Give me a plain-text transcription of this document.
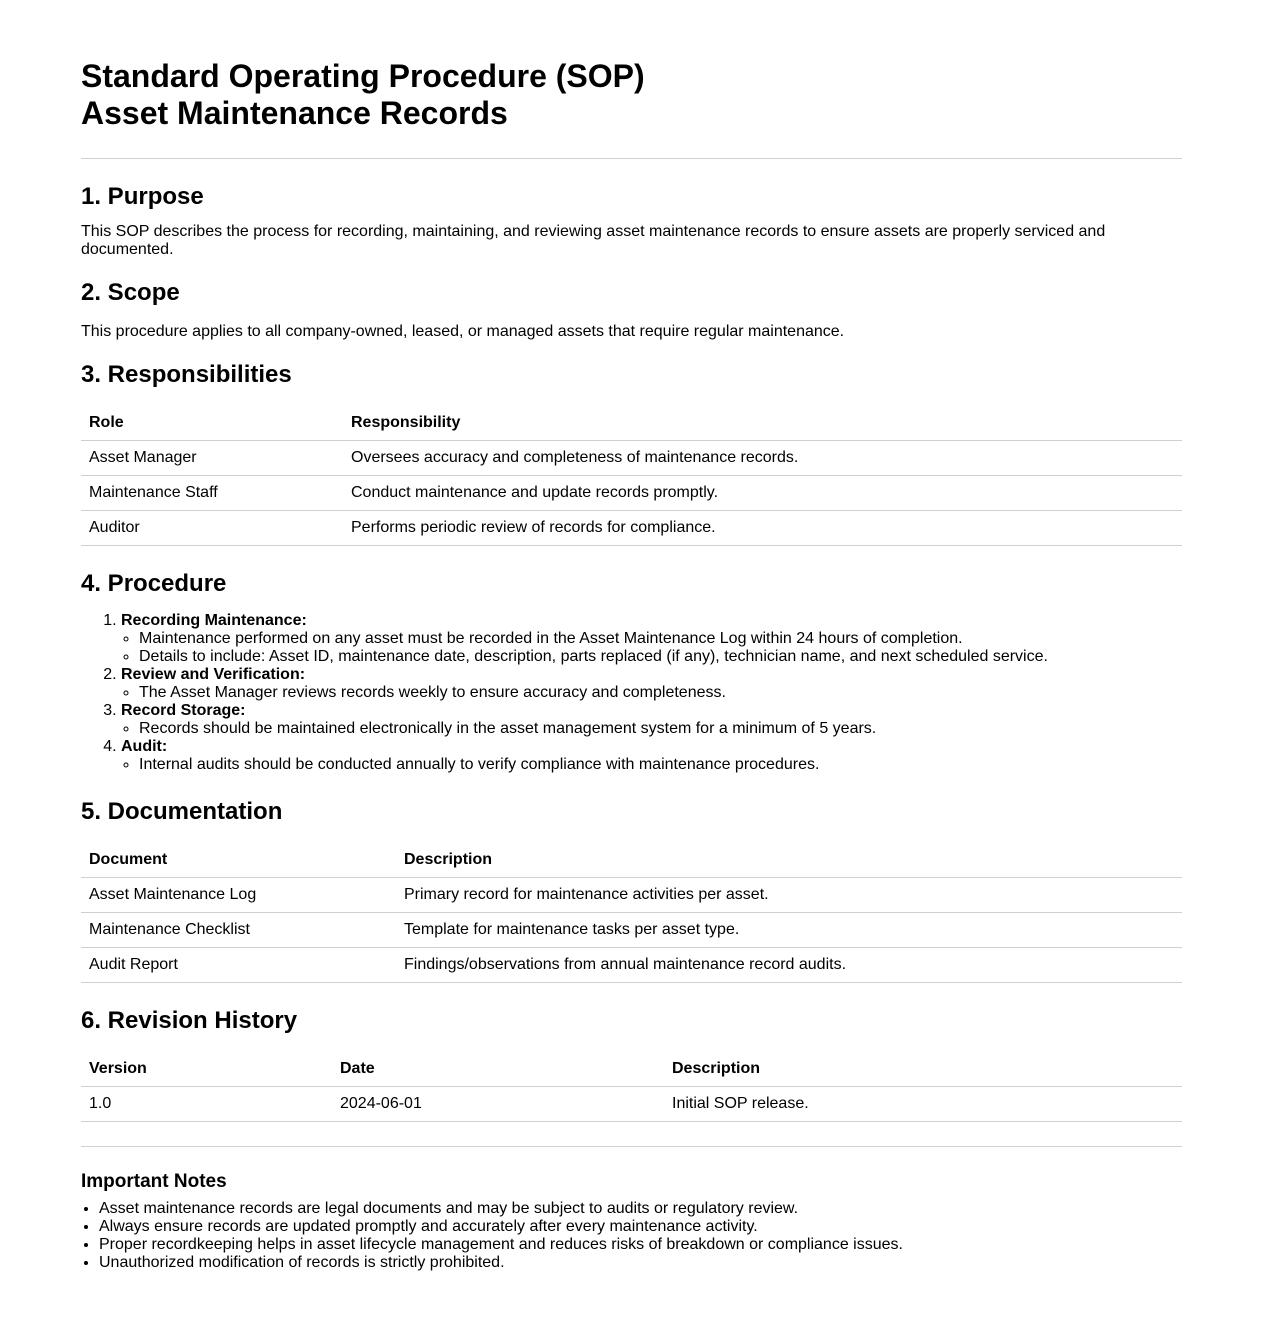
Standard Operating Procedure (SOP)
Asset Maintenance Records
1. Purpose

This SOP describes the process for recording, maintaining, and reviewing asset maintenance records to ensure assets are properly serviced and documented.

2. Scope

This procedure applies to all company-owned, leased, or managed assets that require regular maintenance.

3. Responsibilities
Role	Responsibility
Asset Manager	Oversees accuracy and completeness of maintenance records.
Maintenance Staff	Conduct maintenance and update records promptly.
Auditor	Performs periodic review of records for compliance.
4. Procedure
1. Recording Maintenance:
◦ Maintenance performed on any asset must be recorded in the Asset Maintenance Log within 24 hours of completion.
◦ Details to include: Asset ID, maintenance date, description, parts replaced (if any), technician name, and next scheduled service.
2. Review and Verification:
◦ The Asset Manager reviews records weekly to ensure accuracy and completeness.
3. Record Storage:
◦ Records should be maintained electronically in the asset management system for a minimum of 5 years.
4. Audit:
◦ Internal audits should be conducted annually to verify compliance with maintenance procedures.
5. Documentation
Document	Description
Asset Maintenance Log	Primary record for maintenance activities per asset.
Maintenance Checklist	Template for maintenance tasks per asset type.
Audit Report	Findings/observations from annual maintenance record audits.
6. Revision History
Version	Date	Description
1.0	2024-06-01	Initial SOP release.
Important Notes
• Asset maintenance records are legal documents and may be subject to audits or regulatory review.
• Always ensure records are updated promptly and accurately after every maintenance activity.
• Proper recordkeeping helps in asset lifecycle management and reduces risks of breakdown or compliance issues.
• Unauthorized modification of records is strictly prohibited.
